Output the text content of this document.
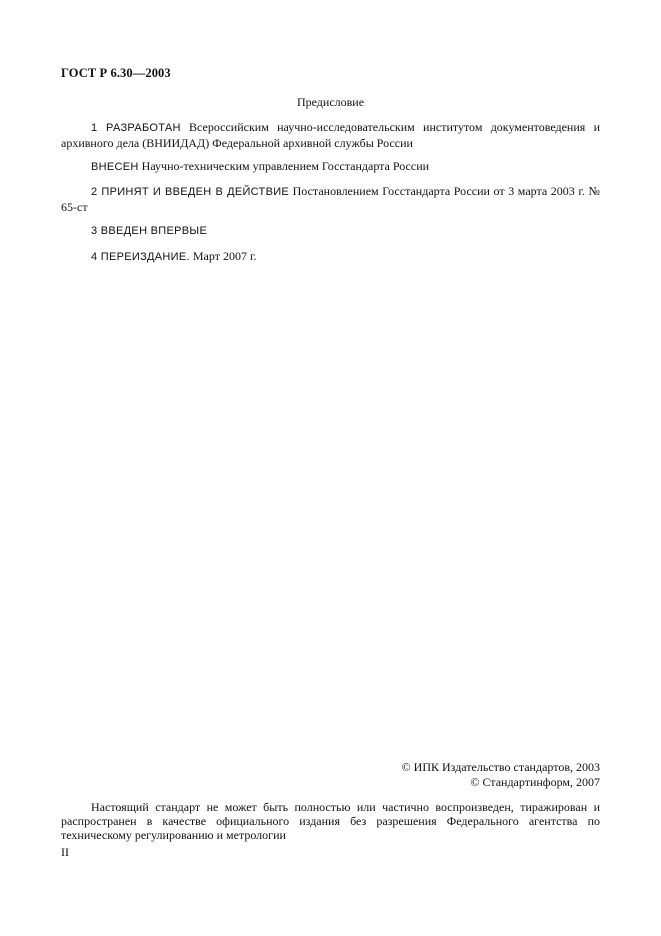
ГОСТ Р 6.30—2003
Предисловие
1 РАЗРАБОТАН Всероссийским научно-исследовательским институтом документоведения и архивного дела (ВНИИДАД) Федеральной архивной службы России
ВНЕСЕН Научно-техническим управлением Госстандарта России
2 ПРИНЯТ И ВВЕДЕН В ДЕЙСТВИЕ Постановлением Госстандарта России от 3 марта 2003 г. № 65-ст
3 ВВЕДЕН ВПЕРВЫЕ
4 ПЕРЕИЗДАНИЕ. Март 2007 г.
© ИПК Издательство стандартов, 2003
© Стандартинформ, 2007
Настоящий стандарт не может быть полностью или частично воспроизведен, тиражирован и распространен в качестве официального издания без разрешения Федерального агентства по техническому регулированию и метрологии
II
